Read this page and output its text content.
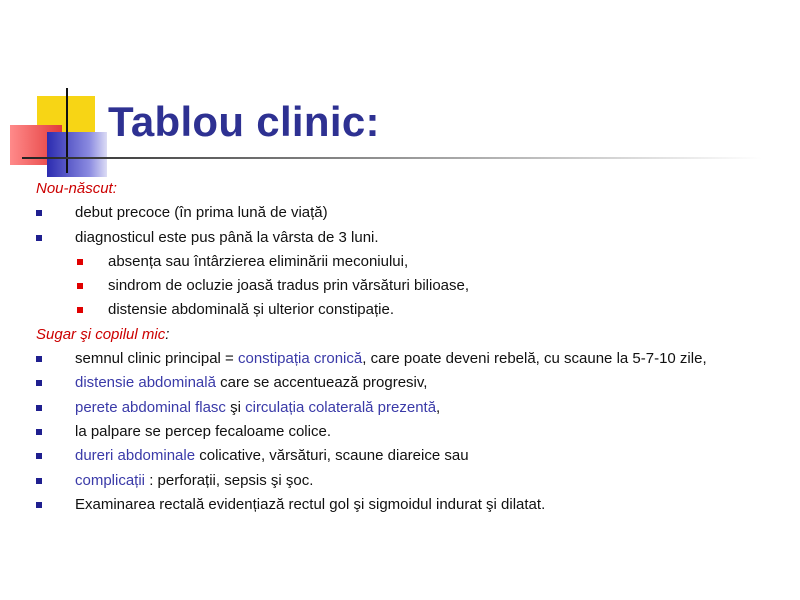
Tablou clinic:
Nou-născut:
debut precoce (în prima lună de viață)
diagnosticul este pus până la vârsta de 3 luni.
absența sau întârzierea eliminării meconiului,
sindrom de ocluzie joasă tradus prin vărsături bilioase,
distensie abdominală și ulterior constipație.
Sugar şi copilul mic:
semnul clinic principal = constipația cronică, care poate deveni rebelă, cu scaune la 5-7-10 zile,
distensie abdominală care se accentuează progresiv,
perete abdominal flasc şi circulația colaterală prezentă,
la palpare se percep fecaloame colice.
dureri abdominale colicative, vărsături, scaune diareice sau
complicații : perforații, sepsis şi şoc.
Examinarea rectală evidențiază rectul gol şi sigmoidul indurat şi dilatat.
